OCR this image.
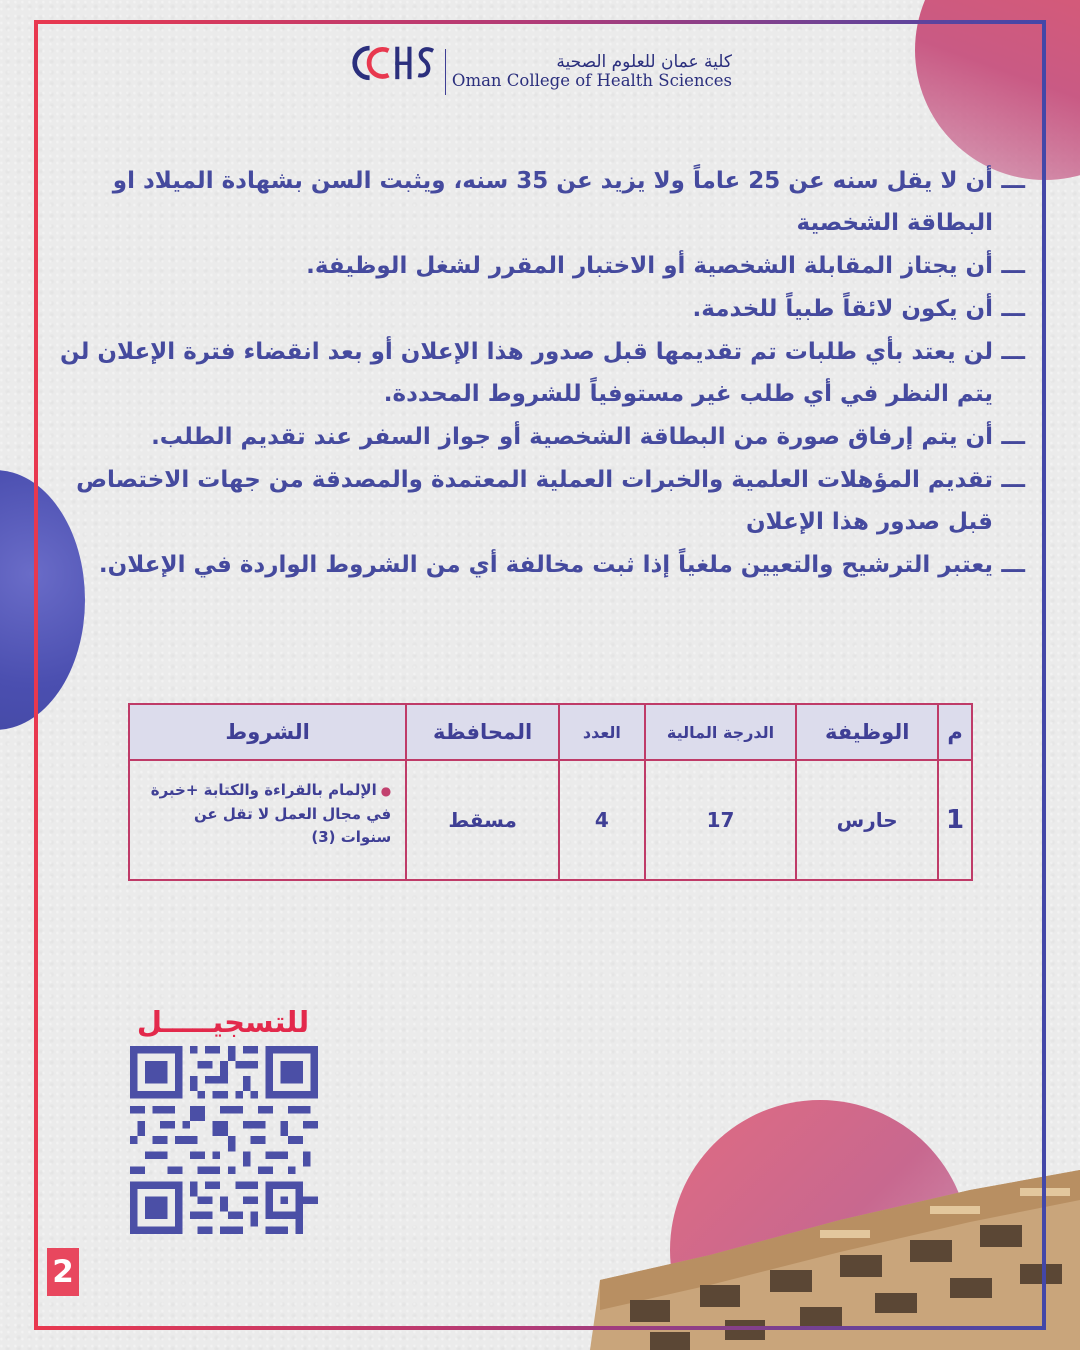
كلية عمان للعلوم الصحية
Oman College of Health Sciences
ـــ
أن لا يقل سنه عن 25 عاماً ولا يزيد عن 35 سنه، ويثبت السن بشهادة الميلاد او البطاقة الشخصية
ـــ
أن يجتاز المقابلة الشخصية أو الاختبار المقرر لشغل الوظيفة.
ـــ
أن يكون لائقاً طبياً للخدمة.
ـــ
لن يعتد بأي طلبات تم تقديمها قبل صدور هذا الإعلان أو بعد انقضاء فترة الإعلان لن يتم النظر في أي طلب غير مستوفياً للشروط المحددة.
ـــ
أن يتم إرفاق صورة من البطاقة الشخصية أو جواز السفر عند تقديم الطلب.
ـــ
تقديم المؤهلات العلمية والخبرات العملية المعتمدة والمصدقة من جهات الاختصاص قبل صدور هذا الإعلان
ـــ
يعتبر الترشيح والتعيين ملغياً إذا ثبت مخالفة أي من الشروط الواردة في الإعلان.
م	الوظيفة	الدرجة المالية	العدد	المحافظة	الشروط
1	حارس	17	4	مسقط	●الإلمام بالقراءة والكتابة +خبرة في مجال العمل لا تقل عن سنوات (3)
للتسجيـــــل
2
